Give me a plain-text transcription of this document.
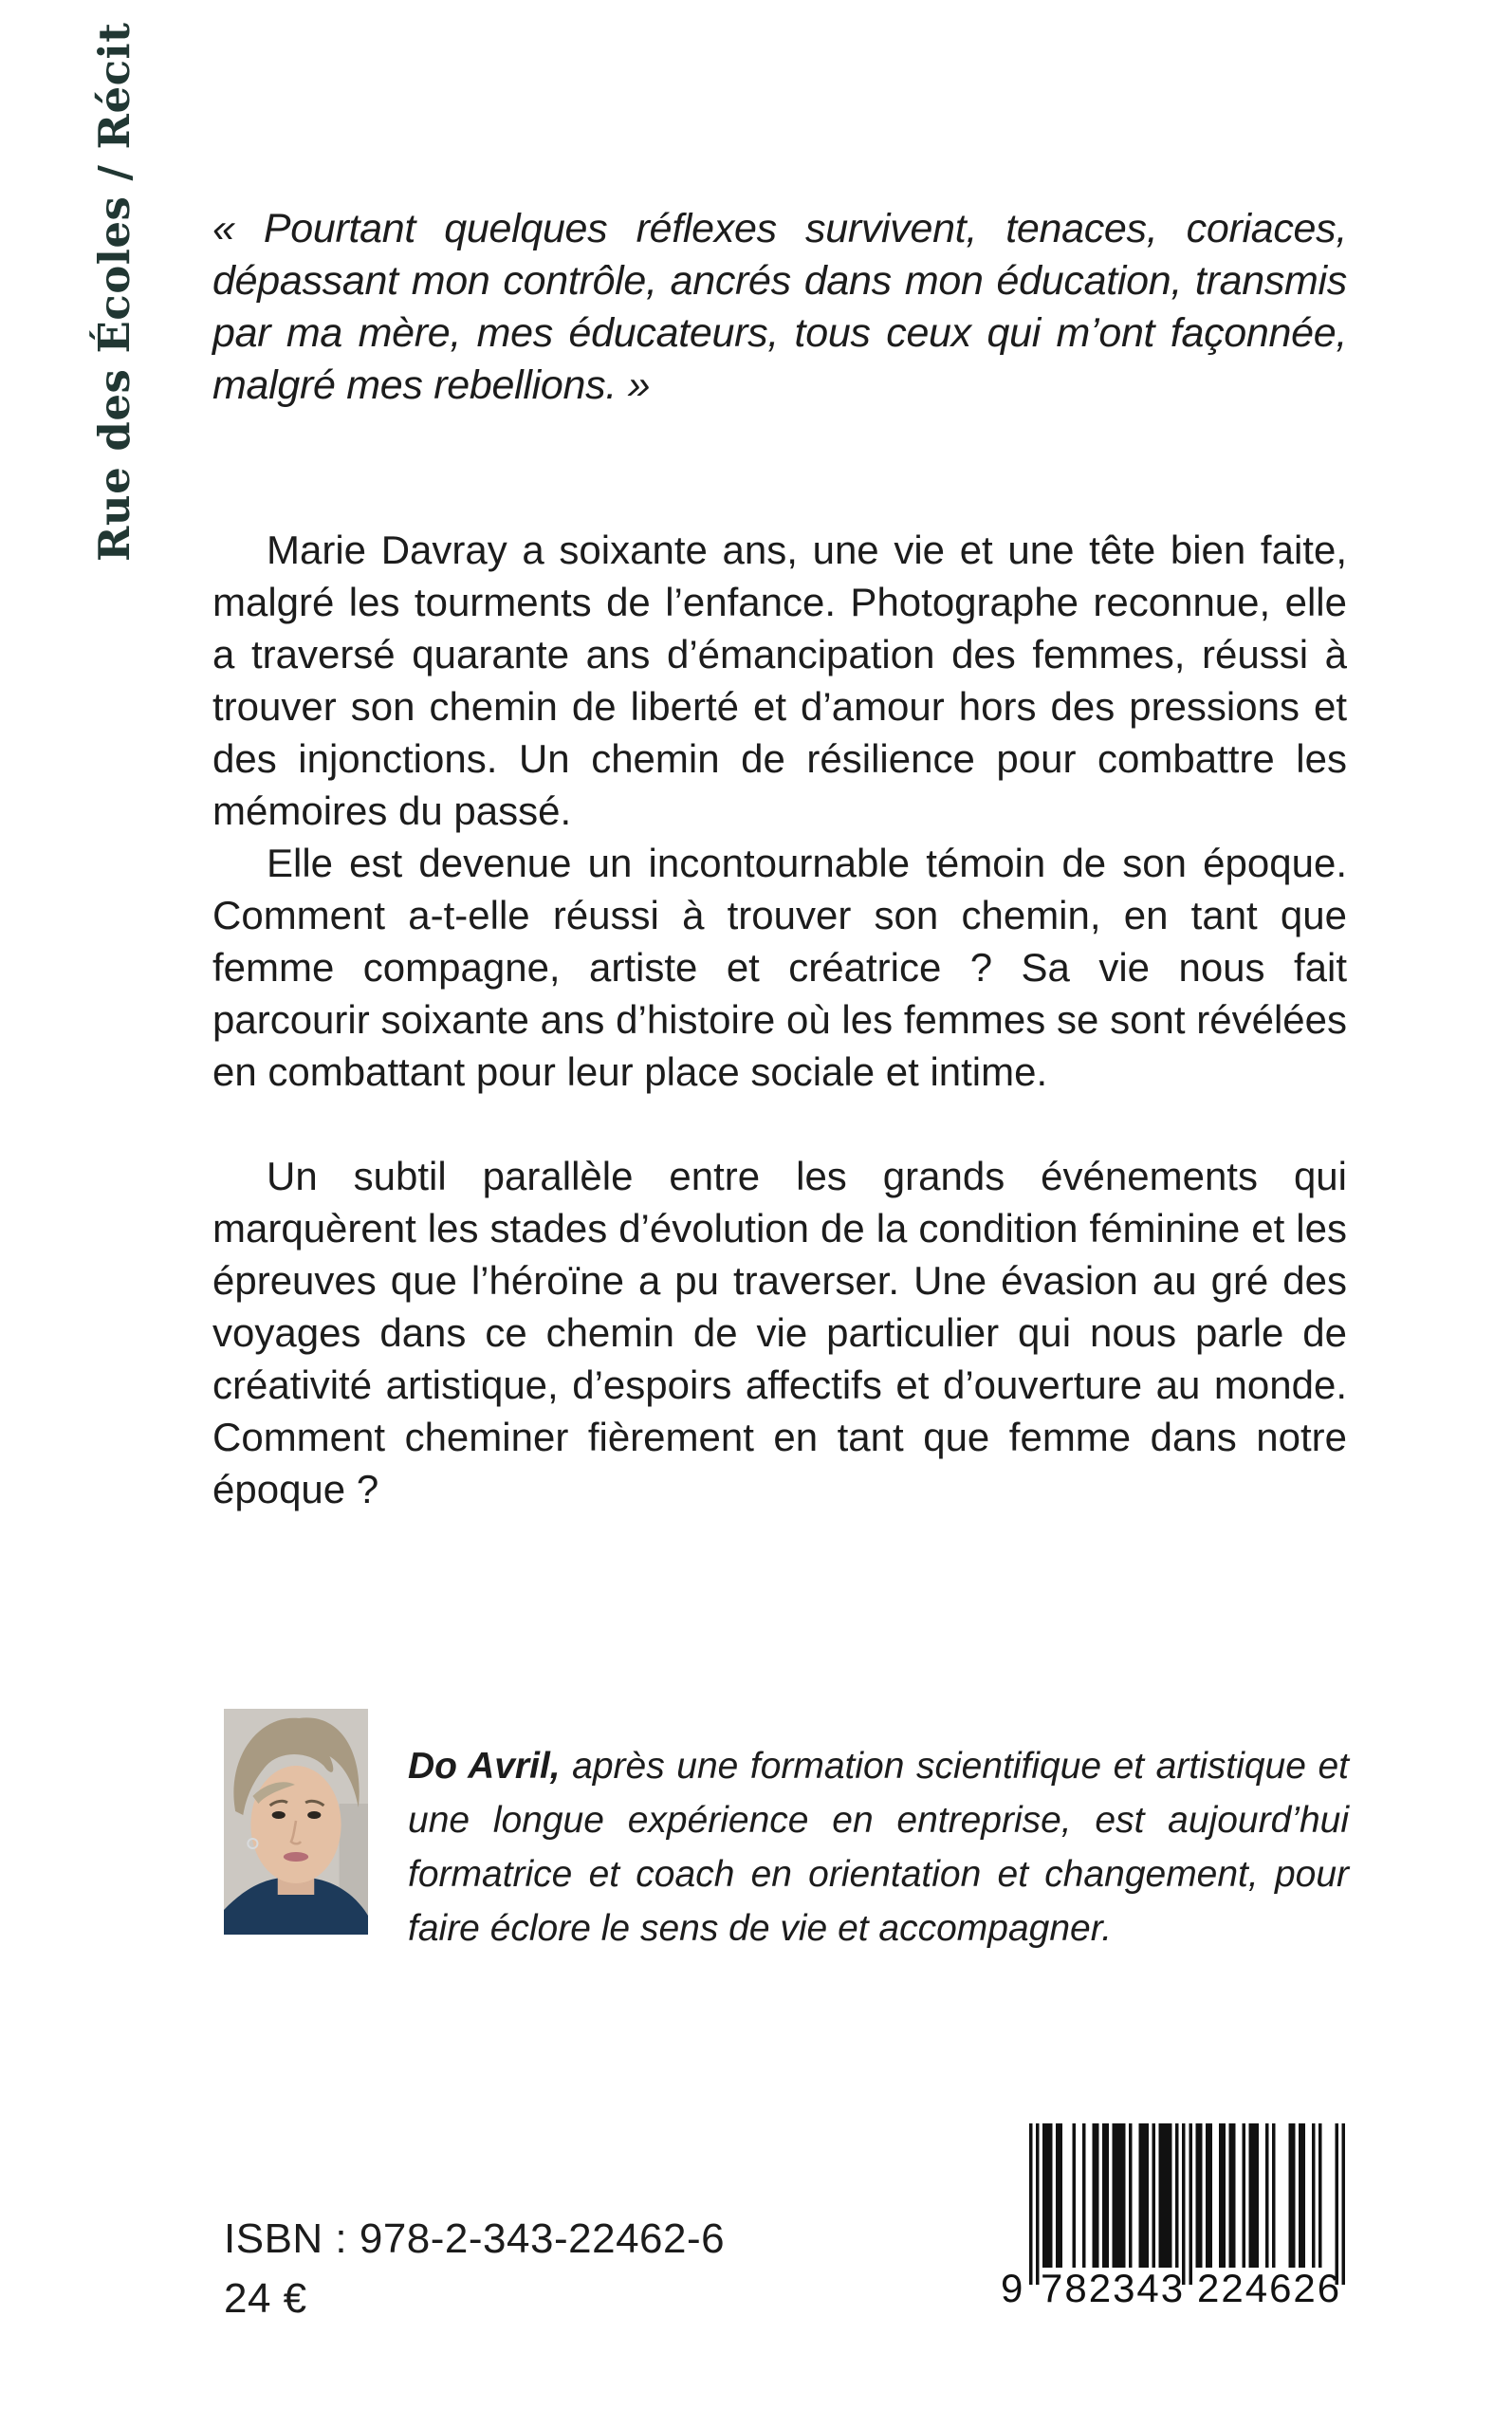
Rue des Écoles / Récit « Pourtant quelques réflexes survivent, tenaces, coriaces, dépassant mon contrôle, ancrés dans mon éducation, transmis par ma mère, mes éducateurs, tous ceux qui m’ont façonnée, malgré mes rebellions. »

Marie Davray a soixante ans, une vie et une tête bien faite, malgré les tourments de l’enfance. Photographe reconnue, elle a traversé quarante ans d’émancipation des femmes, réussi à trouver son chemin de liberté et d’amour hors des pressions et des injonctions. Un chemin de résilience pour combattre les mémoires du passé.

Elle est devenue un incontournable témoin de son époque. Comment a-t-elle réussi à trouver son chemin, en tant que femme compagne, artiste et créatrice ? Sa vie nous fait parcourir soixante ans d’histoire où les femmes se sont révélées en combattant pour leur place sociale et intime.

Un subtil parallèle entre les grands événements qui marquèrent les stades d’évolution de la condition féminine et les épreuves que l’héroïne a pu traverser. Une évasion au gré des voyages dans ce chemin de vie particulier qui nous parle de créativité artistique, d’espoirs affectifs et d’ouverture au monde. Comment cheminer fièrement en tant que femme dans notre époque ?

Do Avril, après une formation scientifique et artistique et une longue expérience en entreprise, est aujourd’hui formatrice et coach en orientation et changement, pour faire éclore le sens de vie et accompagner.

ISBN : 978-2-343-22462-6
24 €	9 782343 224626
